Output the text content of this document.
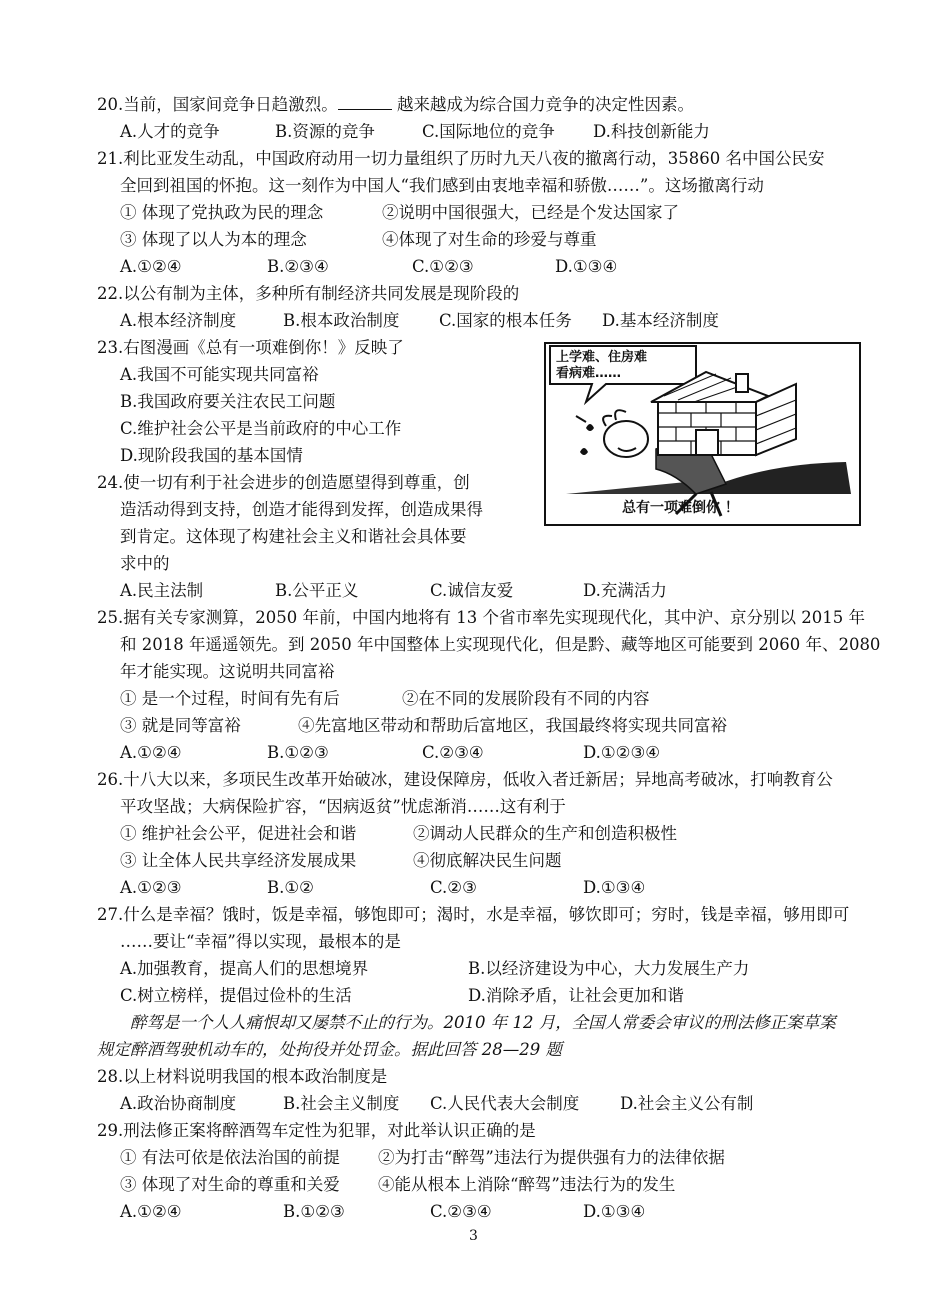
20.当前，国家间竞争日趋激烈。	越来越成为综合国力竞争的决定性因素。
A.人才的竞争	B.资源的竞争	C.国际地位的竞争 D.科技创新能力
21.利比亚发生动乱，中国政府动用一切力量组织了历时九天八夜的撤离行动，35860 名中国公民安
全回到祖国的怀抱。这一刻作为中国人“我们感到由衷地幸福和骄傲……”。这场撤离行动
① 体现了党执政为民的理念	②说明中国很强大，已经是个发达国家了
③ 体现了以人为本的理念	④体现了对生命的珍爱与尊重
A.①②④	B.②③④	C.①②③	D.①③④
22.以公有制为主体，多种所有制经济共同发展是现阶段的
A.根本经济制度	B.根本政治制度 C.国家的根本任务 D.基本经济制度
23.右图漫画《总有一项难倒你！》反映了
A.我国不可能实现共同富裕
B.我国政府要关注农民工问题
C.维护社会公平是当前政府的中心工作
D.现阶段我国的基本国情
上学难、住房难
看病难……
总有一项难倒你 ！
24.使一切有利于社会进步的创造愿望得到尊重，创
造活动得到支持，创造才能得到发挥，创造成果得
到肯定。这体现了构建社会主义和谐社会具体要
求中的
A.民主法制	B.公平正义	C.诚信友爱	D.充满活力
25.据有关专家测算，2050 年前，中国内地将有 13 个省市率先实现现代化，其中沪、京分别以 2015 年
和 2018 年遥遥领先。到 2050 年中国整体上实现现代化，但是黔、藏等地区可能要到 2060 年、2080
年才能实现。这说明共同富裕
① 是一个过程，时间有先有后	②在不同的发展阶段有不同的内容
③ 就是同等富裕	④先富地区带动和帮助后富地区，我国最终将实现共同富裕
A.①②④	B.①②③	C.②③④	D.①②③④
26.十八大以来，多项民生改革开始破冰，建设保障房，低收入者迁新居；异地高考破冰，打响教育公
平攻坚战；大病保险扩容，“因病返贫”忧虑渐消……这有利于
① 维护社会公平，促进社会和谐	②调动人民群众的生产和创造积极性
③ 让全体人民共享经济发展成果	④彻底解决民生问题
A.①②③	B.①②	C.②③	D.①③④
27.什么是幸福？饿时，饭是幸福，够饱即可；渴时，水是幸福，够饮即可；穷时，钱是幸福，够用即可
……要让“幸福”得以实现，最根本的是
A.加强教育，提高人们的思想境界	B.以经济建设为中心，大力发展生产力
C.树立榜样，提倡过俭朴的生活	D.消除矛盾，让社会更加和谐
醉驾是一个人人痛恨却又屡禁不止的行为。2010 年 12 月，全国人常委会审议的刑法修正案草案
规定醉酒驾驶机动车的，处拘役并处罚金。据此回答 28—29 题
28.以上材料说明我国的根本政治制度是
A.政治协商制度	B.社会主义制度 C.人民代表大会制度 D.社会主义公有制
29.刑法修正案将醉酒驾车定性为犯罪，对此举认识正确的是
① 有法可依是依法治国的前提 ②为打击“醉驾”违法行为提供强有力的法律依据
③ 体现了对生命的尊重和关爱 ④能从根本上消除“醉驾”违法行为的发生
A.①②④	B.①②③	C.②③④	D.①③④
3
